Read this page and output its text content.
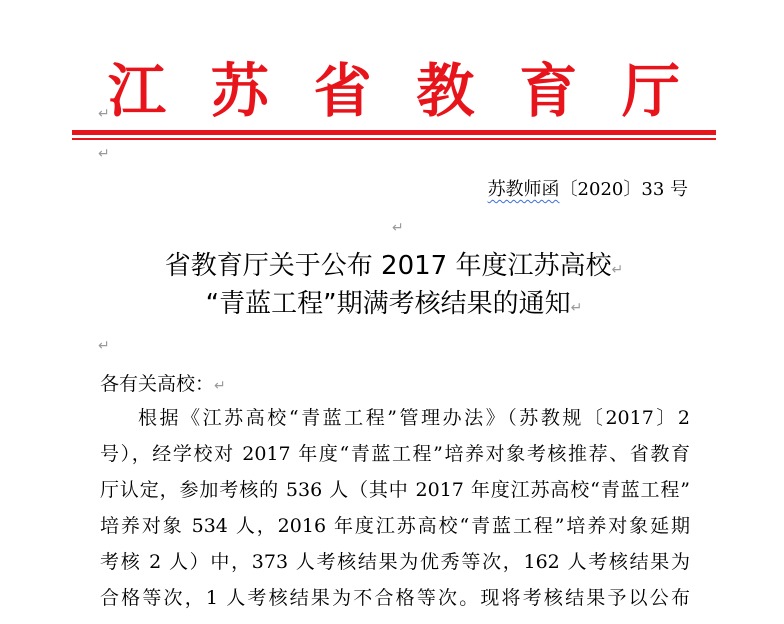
江 苏 省 教 育 厅
↵
↵
苏教师函〔2020〕33 号
↵
省教育厅关于公布 2017 年度江苏高校↵
“青蓝工程”期满考核结果的通知↵
↵
各有关高校：↵
根据《江苏高校“青蓝工程”管理办法》（苏教规〔2017〕2
号），经学校对 2017 年度“青蓝工程”培养对象考核推荐、省教育
厅认定，参加考核的 536 人（其中 2017 年度江苏高校“青蓝工程”
培养对象 534 人，2016 年度江苏高校“青蓝工程”培养对象延期
考核 2 人）中，373 人考核结果为优秀等次，162 人考核结果为
合格等次，1 人考核结果为不合格等次。现将考核结果予以公布
